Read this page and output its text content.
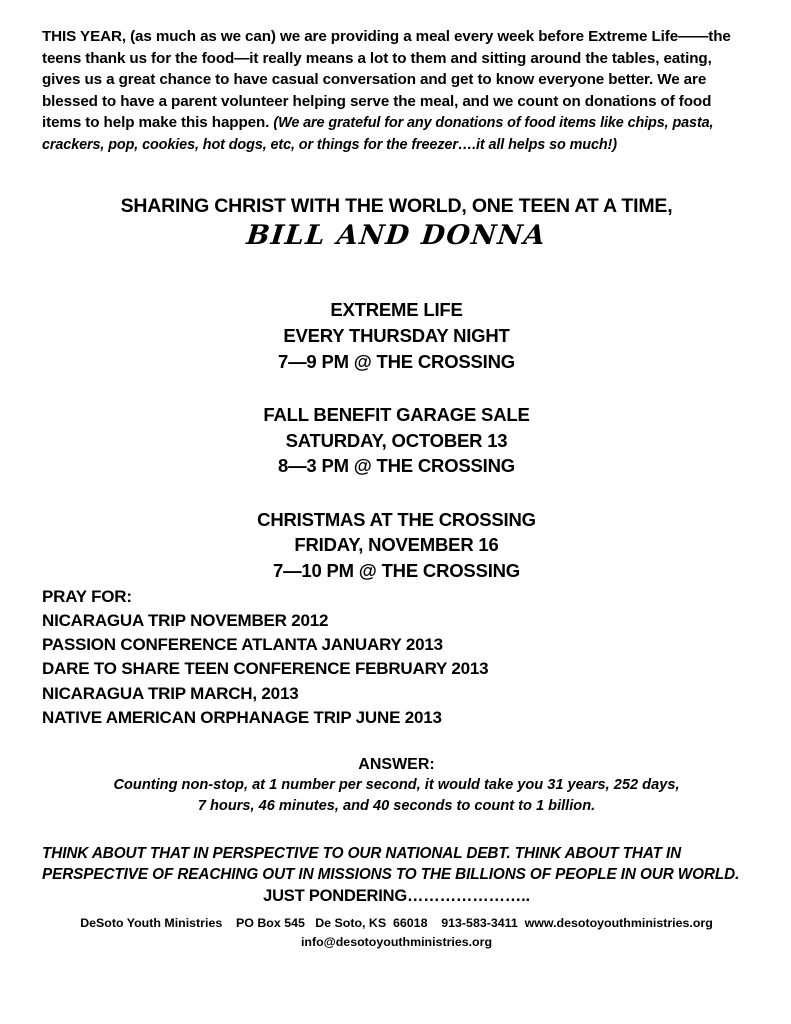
THIS YEAR, (as much as we can) we are providing a meal every week before Extreme Life——the teens thank us for the food—it really means a lot to them and sitting around the tables, eating, gives us a great chance to have casual conversation and get to know everyone better. We are blessed to have a parent volunteer helping serve the meal, and we count on donations of food items to help make this happen. (We are grateful for any donations of food items like chips, pasta, crackers, pop, cookies, hot dogs, etc, or things for the freezer….it all helps so much!)

SHARING CHRIST WITH THE WORLD, ONE TEEN AT A TIME,
BILL AND DONNA
EXTREME LIFE
EVERY THURSDAY NIGHT
7—9 PM @ THE CROSSING
FALL BENEFIT GARAGE SALE
SATURDAY, OCTOBER 13
8—3 PM @ THE CROSSING
CHRISTMAS AT THE CROSSING
FRIDAY, NOVEMBER 16
7—10 PM @ THE CROSSING
PRAY FOR:
NICARAGUA TRIP NOVEMBER 2012
PASSION CONFERENCE ATLANTA JANUARY 2013
DARE TO SHARE TEEN CONFERENCE FEBRUARY 2013
NICARAGUA TRIP MARCH, 2013
NATIVE AMERICAN ORPHANAGE TRIP JUNE 2013
ANSWER:
Counting non-stop, at 1 number per second, it would take you 31 years, 252 days,
7 hours, 46 minutes, and 40 seconds to count to 1 billion.
THINK ABOUT THAT IN PERSPECTIVE TO OUR NATIONAL DEBT. THINK ABOUT THAT IN
PERSPECTIVE OF REACHING OUT IN MISSIONS TO THE BILLIONS OF PEOPLE IN OUR WORLD.
JUST PONDERING…………………..
DeSoto Youth Ministries PO Box 545 De Soto, KS  66018 913-583-3411 www.desotoyouthministries.org
info@desotoyouthministries.org
